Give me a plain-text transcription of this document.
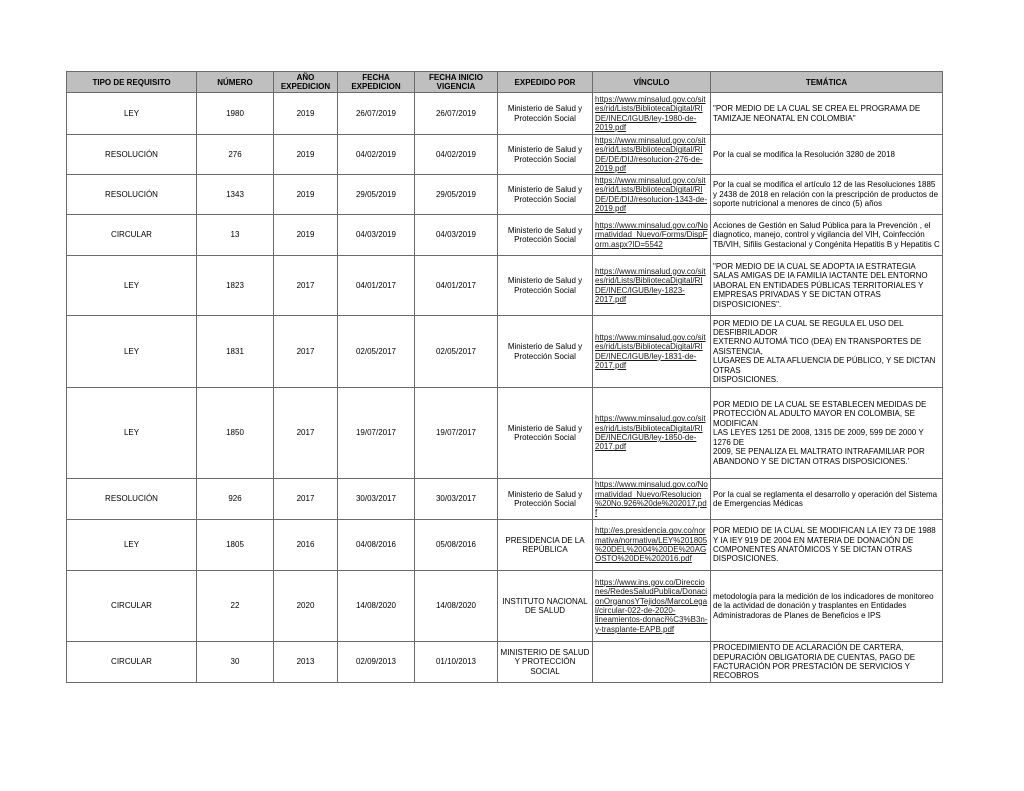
TIPO DE REQUISITO	NÚMERO	AÑO EXPEDICION	FECHA EXPEDICION	FECHA INICIO VIGENCIA	EXPEDIDO POR	VÍNCULO	TEMÁTICA
LEY	1980	2019	26/07/2019	26/07/2019	Ministerio de Salud y Protección Social	https://www.minsalud.gov.co/sites/rid/Lists/BibliotecaDigital/RIDE/INEC/IGUB/ley-1980-de-2019.pdf	"POR MEDIO DE LA CUAL SE CREA EL PROGRAMA DE TAMIZAJE NEONATAL EN COLOMBIA"
RESOLUCIÓN	276	2019	04/02/2019	04/02/2019	Ministerio de Salud y Protección Social	https://www.minsalud.gov.co/sites/rid/Lists/BibliotecaDigital/RIDE/DE/DIJ/resolucion-276-de-2019.pdf	Por la cual se modifica la Resolución 3280 de 2018
RESOLUCIÓN	1343	2019	29/05/2019	29/05/2019	Ministerio de Salud y Protección Social	https://www.minsalud.gov.co/sites/rid/Lists/BibliotecaDigital/RIDE/DE/DIJ/resolucion-1343-de-2019.pdf	Por la cual se modifica el artículo 12 de las Resoluciones 1885 y 2438 de 2018 en relación con la prescripción de productos de soporte nutricional a menores de cinco (5) años
CIRCULAR	13	2019	04/03/2019	04/03/2019	Ministerio de Salud y Protección Social	https://www.minsalud.gov.co/Normatividad_Nuevo/Forms/DispForm.aspx?ID=5542	Acciones de Gestión en Salud Pública para la Prevención , el diagnotico, manejo, control y vigilancia del VIH, Coinfección TB/VIH, Sifilis Gestacional y Congénita Hepatitis B y Hepatitis C
LEY	1823	2017	04/01/2017	04/01/2017	Ministerio de Salud y Protección Social	https://www.minsalud.gov.co/sites/rid/Lists/BibliotecaDigital/RIDE/INEC/IGUB/ley-1823-2017.pdf	"POR MEDIO DE IA CUAL SE ADOPTA IA ESTRATEGIA SALAS AMIGAS DE IA FAMILIA IACTANTE DEL ENTORNO IABORAL EN ENTIDADES PÚBLICAS TERRITORIALES Y EMPRESAS PRIVADAS Y SE DICTAN OTRAS
DISPOSICIONES".
LEY	1831	2017	02/05/2017	02/05/2017	Ministerio de Salud y Protección Social	https://www.minsalud.gov.co/sites/rid/Lists/BibliotecaDigital/RIDE/INEC/IGUB/ley-1831-de-2017.pdf	POR MEDIO DE LA CUAL SE REGULA EL USO DEL DESFIBRILADOR
EXTERNO AUTOMÁ TICO (DEA) EN TRANSPORTES DE ASISTENCIA,
LUGARES DE ALTA AFLUENCIA DE PÚBLICO, Y SE DICTAN OTRAS
DISPOSICIONES.
LEY	1850	2017	19/07/2017	19/07/2017	Ministerio de Salud y Protección Social	https://www.minsalud.gov.co/sites/rid/Lists/BibliotecaDigital/RIDE/INEC/IGUB/ley-1850-de-2017.pdf	POR MEDIO DE LA CUAL SE ESTABLECEN MEDIDAS DE
PROTECCIÓN AL ADULTO MAYOR EN COLOMBIA, SE MODIFICAN
LAS LEYES 1251 DE 2008, 1315 DE 2009, 599 DE 2000 Y 1276 DE
2009, SE PENALIZA EL MALTRATO INTRAFAMILIAR POR ABANDONO Y SE DICTAN OTRAS DISPOSICIONES.'
RESOLUCIÓN	926	2017	30/03/2017	30/03/2017	Ministerio de Salud y Protección Social	https://www.minsalud.gov.co/Normatividad_Nuevo/Resolucion%20No.926%20de%202017.pdf	Por la cual se reglamenta el desarrollo y operación del Sistema de Emergencias Médicas
LEY	1805	2016	04/08/2016	05/08/2016	PRESIDENCIA DE LA REPÚBLICA	http://es.presidencia.gov.co/normativa/normativa/LEY%201805%20DEL%2004%20DE%20AGOSTO%20DE%202016.pdf	POR MEDIO DE IA CUAL SE MODIFICAN LA IEY 73 DE 1988 Y IA IEY 919 DE 2004 EN MATERIA DE DONACIÓN DE COMPONENTES ANATÓMICOS Y SE DICTAN OTRAS DISPOSICIONES.
CIRCULAR	22	2020	14/08/2020	14/08/2020	INSTITUTO NACIONAL DE SALUD	https://www.ins.gov.co/Direcciones/RedesSaludPublica/DonacionOrganosYTejidos/MarcoLegal/circular-022-de-2020-lineamientos-donaci%C3%B3n-y-trasplante-EAPB.pdf	metodología para la medición de los indicadores de monitoreo de la actividad de donación y trasplantes en Entidades Administradoras de Planes de Beneficios e IPS
CIRCULAR	30	2013	02/09/2013	01/10/2013	MINISTERIO DE SALUD Y PROTECCIÓN SOCIAL		PROCEDIMIENTO DE ACLARACIÓN DE CARTERA, DEPURACIÓN OBLIGATORIA DE CUENTAS, PAGO DE FACTURACIÓN POR PRESTACIÓN DE SERVICIOS Y RECOBROS
